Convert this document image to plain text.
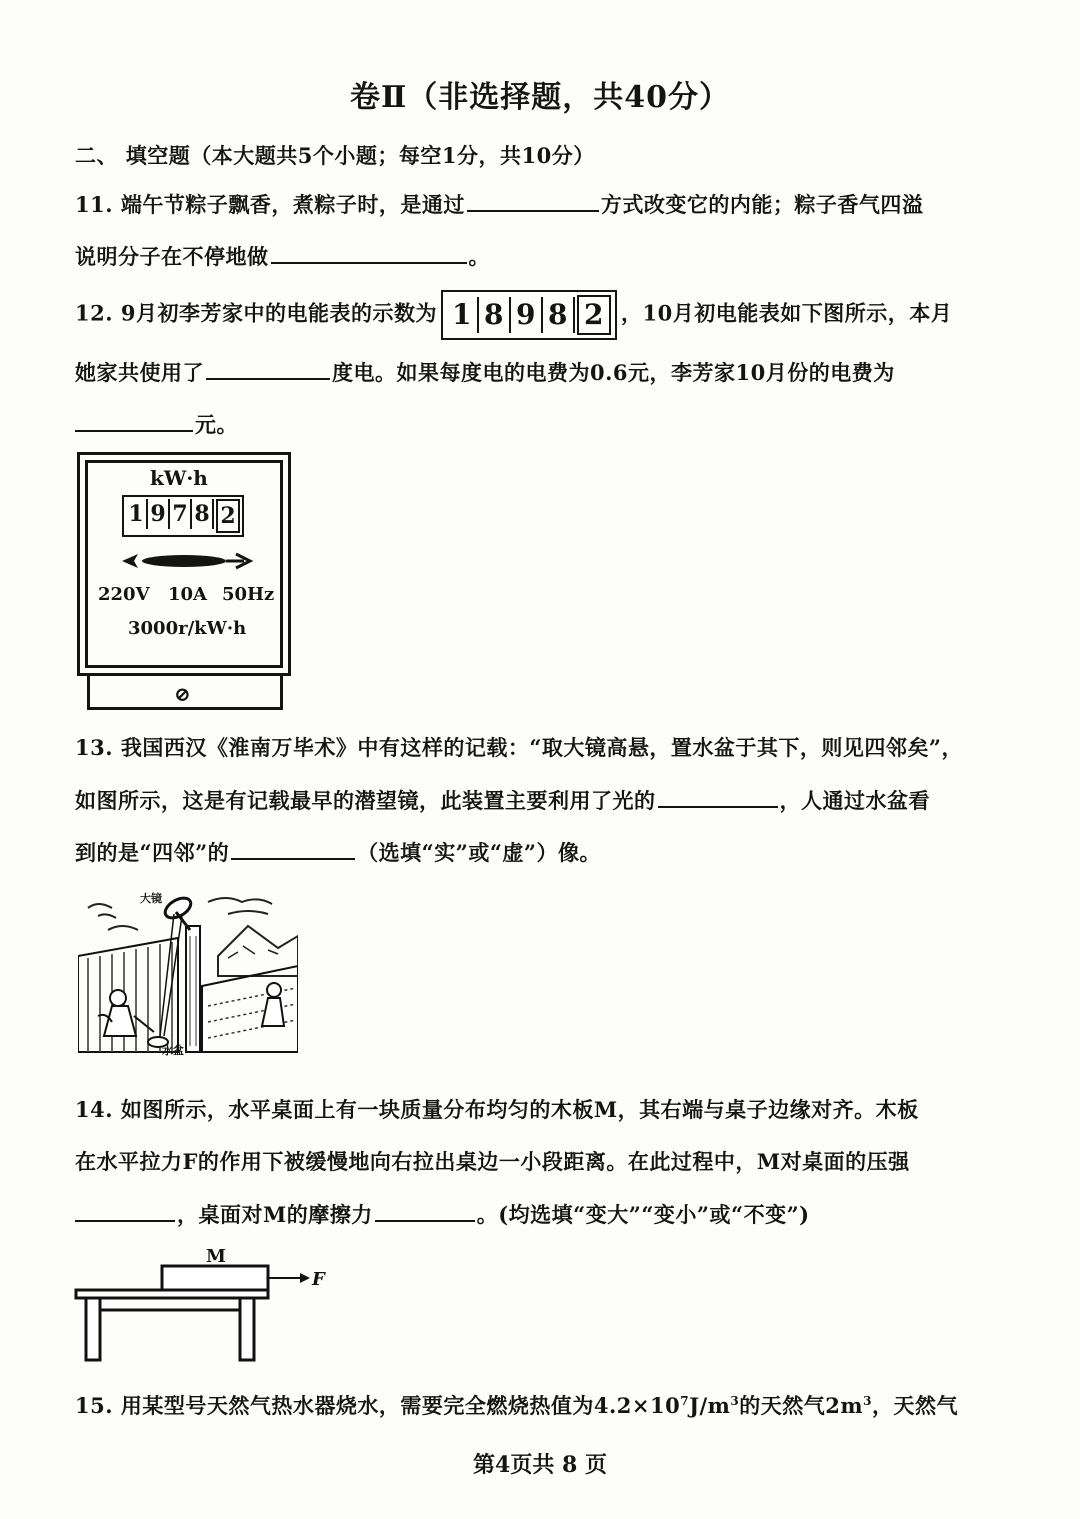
卷Ⅱ（非选择题，共40分）
二、 填空题（本大题共5个小题；每空1分，共10分）
11. 端午节粽子飘香，煮粽子时，是通过	方式改变它的内能；粽子香气四溢
说明分子在不停地做	。
12. 9月初李芳家中的电能表的示数为 1 8 9 8 2 ，10月初电能表如下图所示，本月
她家共使用了	度电。如果每度电的电费为0.6元，李芳家10月份的电费为
元。
kW·h
1 9 7 8 2
220V 10A 50Hz
3000r/kW·h
⊘
13. 我国西汉《淮南万毕术》中有这样的记载：“取大镜高悬，置水盆于其下，则见四邻矣”，
如图所示，这是有记载最早的潜望镜，此装置主要利用了光的	，人通过水盆看
到的是“四邻”的	（选填“实”或“虚”）像。
大镜
水盆
14. 如图所示，水平桌面上有一块质量分布均匀的木板M，其右端与桌子边缘对齐。木板
在水平拉力F的作用下被缓慢地向右拉出桌边一小段距离。在此过程中，M对桌面的压强
，桌面对M的摩擦力	。(均选填“变大”“变小”或“不变”)
M
F
15. 用某型号天然气热水器烧水，需要完全燃烧热值为$4.2\times 10^7J/m^3$的天然气$2m^3$，天然气
第4页共 8 页
